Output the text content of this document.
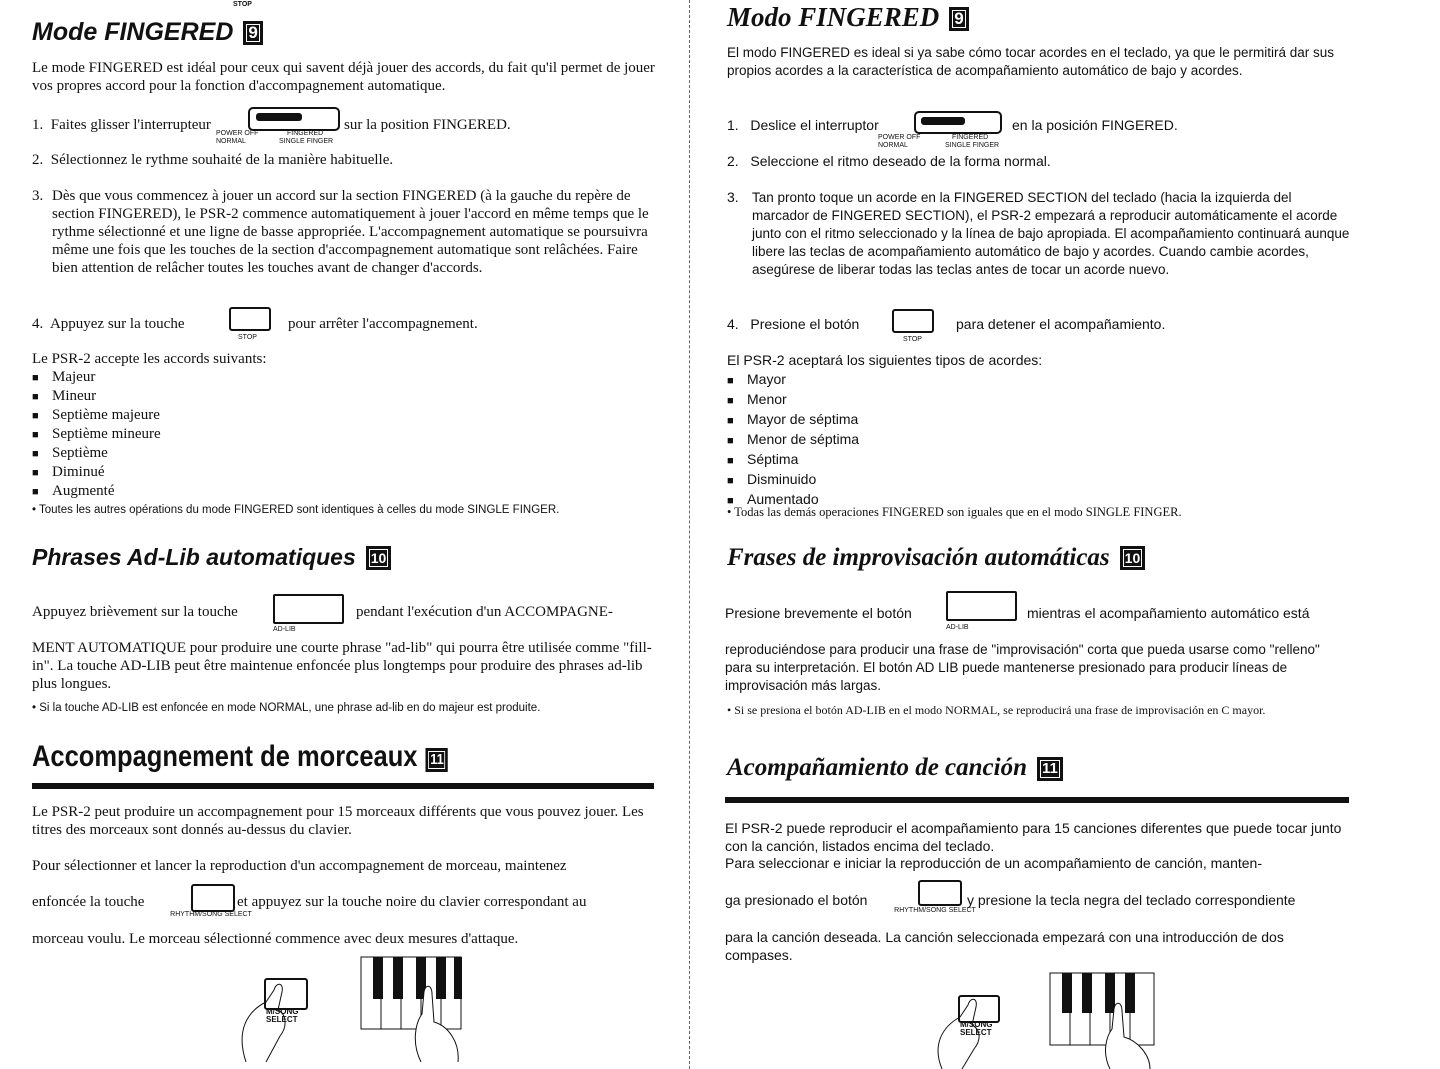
STOP
Mode FINGERED 9
Le mode FINGERED est idéal pour ceux qui savent déjà jouer des accords, du fait qu'il permet de jouer vos propres accord pour la fonction d'accompagnement automatique.
1. Faites glisser l'interrupteur
POWER OFF
NORMAL
FINGERED
SINGLE FINGER
sur la position FINGERED.
2. Sélectionnez le rythme souhaité de la manière habituelle.
3. Dès que vous commencez à jouer un accord sur la section FINGERED (à la gauche du repère de section FINGERED), le PSR-2 commence automatiquement à jouer l'accord en même temps que le rythme sélectionné et une ligne de basse appropriée. L'accompagnement automatique se poursuivra même une fois que les touches de la section d'accompagnement automatique sont relâchées. Faire bien attention de relâcher toutes les touches avant de changer d'accords.
4. Appuyez sur la touche
STOP
pour arrêter l'accompagnement.
Le PSR-2 accepte les accords suivants:
■ Majeur
■ Mineur
■ Septième majeure
■ Septième mineure
■ Septième
■ Diminué
■ Augmenté
• Toutes les autres opérations du mode FINGERED sont identiques à celles du mode SINGLE FINGER.
Phrases Ad-Lib automatiques 10
Appuyez brièvement sur la touche
AD-LIB
pendant l'exécution d'un ACCOMPAGNE-
MENT AUTOMATIQUE pour produire une courte phrase "ad-lib" qui pourra être utilisée comme "fill-in". La touche AD-LIB peut être maintenue enfoncée plus longtemps pour produire des phrases ad-lib plus longues.
• Si la touche AD-LIB est enfoncée en mode NORMAL, une phrase ad-lib en do majeur est produite.
Accompagnement de morceaux 11
Le PSR-2 peut produire un accompagnement pour 15 morceaux différents que vous pouvez jouer. Les titres des morceaux sont donnés au-dessus du clavier.
Pour sélectionner et lancer la reproduction d'un accompagnement de morceau, maintenez
enfoncée la touche
RHYTHM/SONG SELECT
et appuyez sur la touche noire du clavier correspondant au
morceau voulu. Le morceau sélectionné commence avec deux mesures d'attaque.
M/SONG SELECT
Modo FINGERED 9
El modo FINGERED es ideal si ya sabe cómo tocar acordes en el teclado, ya que le permitirá dar sus propios acordes a la característica de acompañamiento automático de bajo y acordes.
1. Deslice el interruptor
POWER OFF
NORMAL
FINGERED
SINGLE FINGER
en la posición FINGERED.
2. Seleccione el ritmo deseado de la forma normal.
3. Tan pronto toque un acorde en la FINGERED SECTION del teclado (hacia la izquierda del marcador de FINGERED SECTION), el PSR-2 empezará a reproducir automáticamente el acorde junto con el ritmo seleccionado y la línea de bajo apropiada. El acompañamiento continuará aunque libere las teclas de acompañamiento automático de bajo y acordes. Cuando cambie acordes, asegúrese de liberar todas las teclas antes de tocar un acorde nuevo.
4. Presione el botón
STOP
para detener el acompañamiento.
El PSR-2 aceptará los siguientes tipos de acordes:
■ Mayor
■ Menor
■ Mayor de séptima
■ Menor de séptima
■ Séptima
■ Disminuido
■ Aumentado
• Todas las demás operaciones FINGERED son iguales que en el modo SINGLE FINGER.
Frases de improvisación automáticas 10
Presione brevemente el botón
AD-LIB
mientras el acompañamiento automático está
reproduciéndose para producir una frase de "improvisación" corta que pueda usarse como "relleno" para su interpretación. El botón AD LIB puede mantenerse presionado para producir líneas de improvisación más largas.
• Si se presiona el botón AD-LIB en el modo NORMAL, se reproducirá una frase de improvisación en C mayor.
Acompañamiento de canción 11
El PSR-2 puede reproducir el acompañamiento para 15 canciones diferentes que puede tocar junto con la canción, listados encima del teclado.
Para seleccionar e iniciar la reproducción de un acompañamiento de canción, manten-
ga presionado el botón
RHYTHM/SONG SELECT
y presione la tecla negra del teclado correspondiente
para la canción deseada. La canción seleccionada empezará con una introducción de dos compases.
M/SONG SELECT
